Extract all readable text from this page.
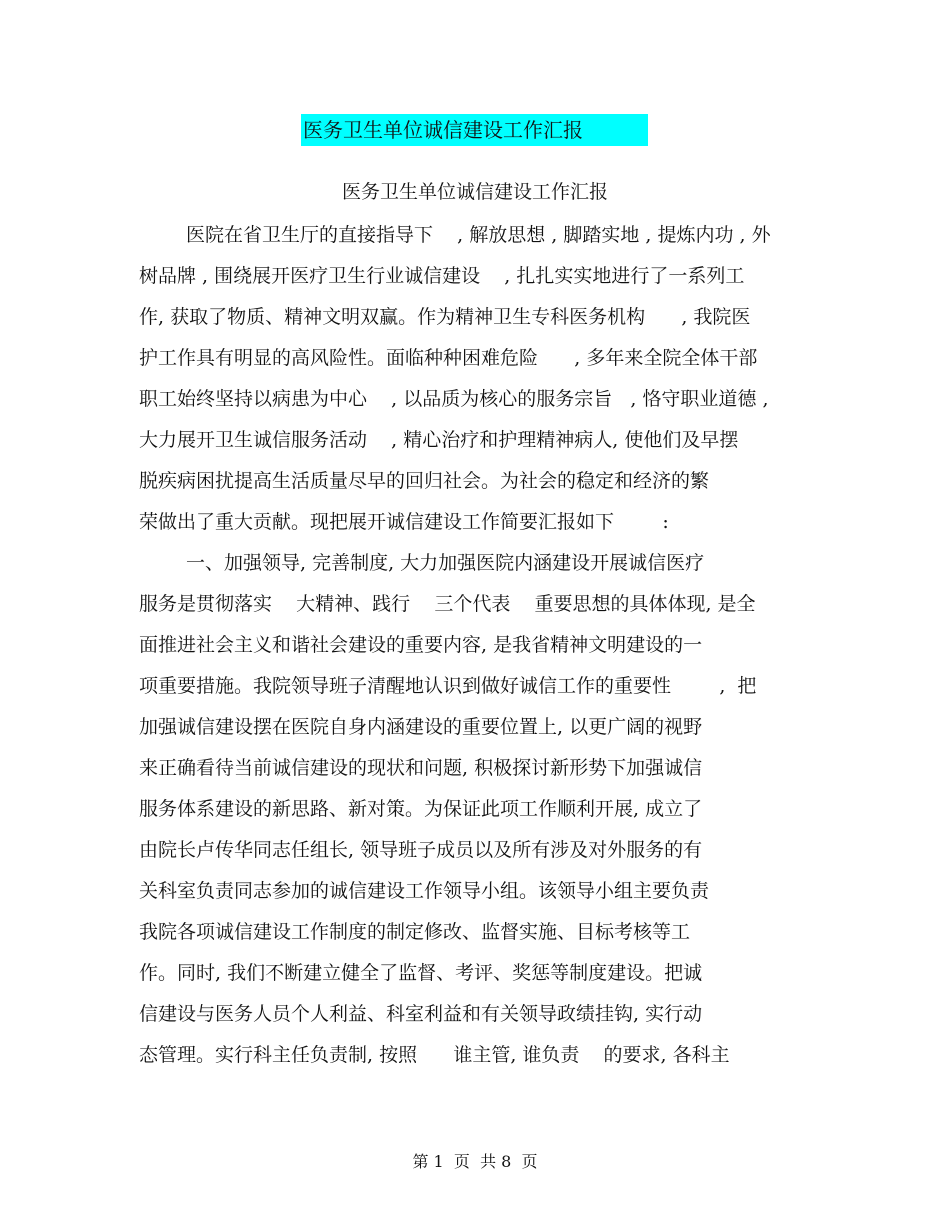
医务卫生单位诚信建设工作汇报
医务卫生单位诚信建设工作汇报
医院在省卫生厅的直接指导下    , 解放思想 , 脚踏实地 , 提炼内功 , 外
树品牌 , 围绕展开医疗卫生行业诚信建设    , 扎扎实实地进行了一系列工
作, 获取了物质、精神文明双赢。作为精神卫生专科医务机构      , 我院医
护工作具有明显的高风险性。面临种种困难危险      , 多年来全院全体干部
职工始终坚持以病患为中心    , 以品质为核心的服务宗旨   , 恪守职业道德 ,
大力展开卫生诚信服务活动    , 精心治疗和护理精神病人, 使他们及早摆
脱疾病困扰提高生活质量尽早的回归社会。为社会的稳定和经济的繁
荣做出了重大贡献。现把展开诚信建设工作简要汇报如下        :
一、加强领导, 完善制度, 大力加强医院内涵建设开展诚信医疗
服务是贯彻落实    大精神、践行    三个代表    重要思想的具体体现, 是全
面推进社会主义和谐社会建设的重要内容, 是我省精神文明建设的一
项重要措施。我院领导班子清醒地认识到做好诚信工作的重要性        ,  把
加强诚信建设摆在医院自身内涵建设的重要位置上, 以更广阔的视野
来正确看待当前诚信建设的现状和问题, 积极探讨新形势下加强诚信
服务体系建设的新思路、新对策。为保证此项工作顺利开展, 成立了
由院长卢传华同志任组长, 领导班子成员以及所有涉及对外服务的有
关科室负责同志参加的诚信建设工作领导小组。该领导小组主要负责
我院各项诚信建设工作制度的制定修改、监督实施、目标考核等工
作。同时, 我们不断建立健全了监督、考评、奖惩等制度建设。把诚
信建设与医务人员个人利益、科室利益和有关领导政绩挂钩, 实行动
态管理。实行科主任负责制, 按照      谁主管, 谁负责    的要求, 各科主
第 1  页  共 8  页
